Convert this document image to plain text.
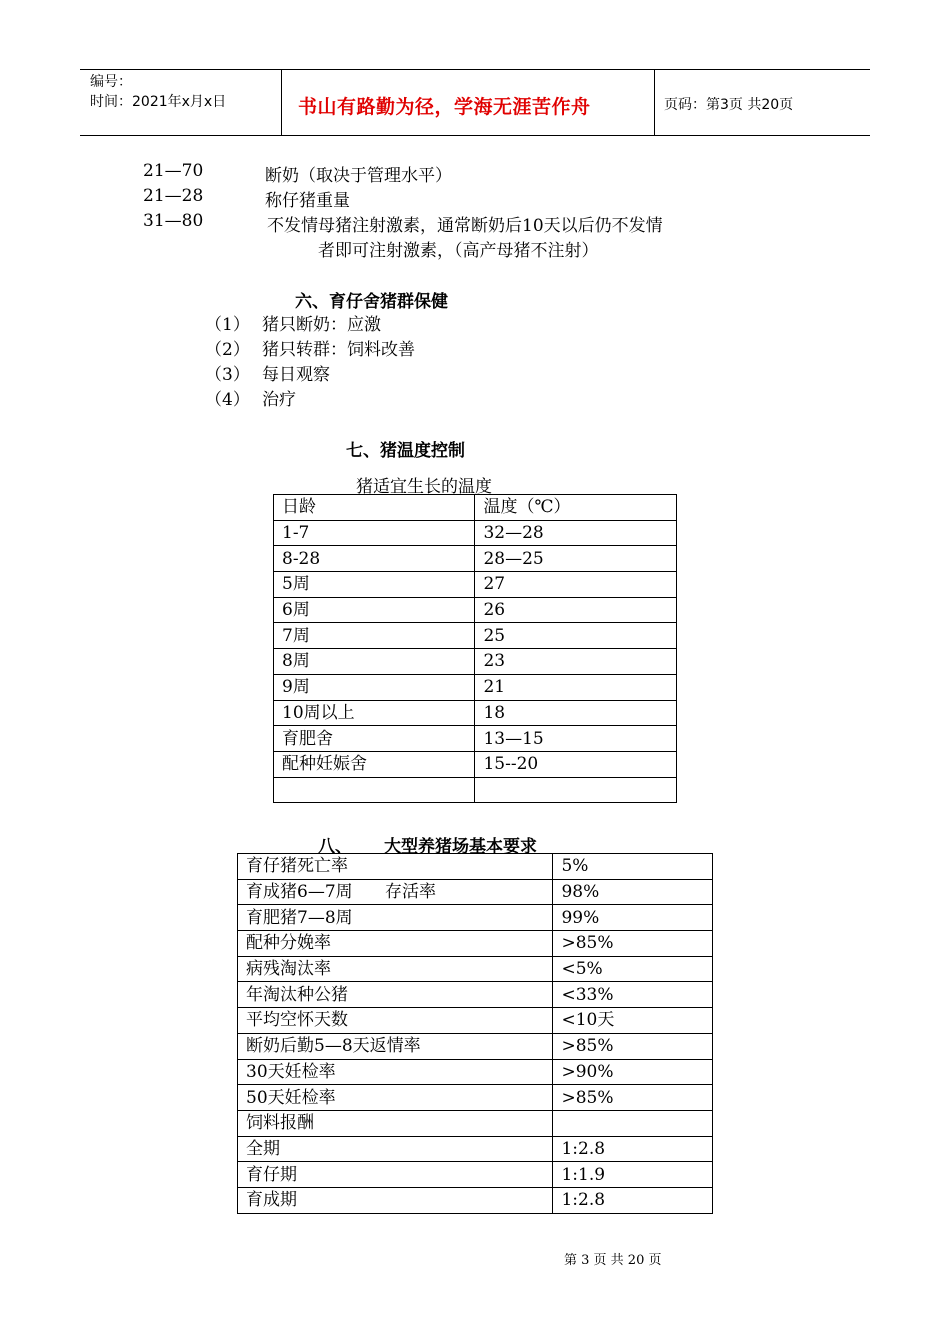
编号：
时间：2021年x月x日	书山有路勤为径，学海无涯苦作舟	页码：第3页 共20页
21—70	断奶（取决于管理水平）
21—28	称仔猪重量
31—80	不发情母猪注射激素，通常断奶后10天以后仍不发情
者即可注射激素，（高产母猪不注射）
六、育仔舍猪群保健
（1） 猪只断奶：应激
（2） 猪只转群：饲料改善
（3） 每日观察
（4） 治疗
七、猪温度控制
猪适宜生长的温度
日龄	温度（℃）
1-7	32—28
8-28	28—25
5周	27
6周	26
7周	25
8周	23
9周	21
10周以上	18
育肥舍	13—15
配种妊娠舍	15--20

八、 大型养猪场基本要求
育仔猪死亡率	5%
育成猪6—7周      存活率	98%
育肥猪7—8周	99%
配种分娩率	>85%
病残淘汰率	<5%
年淘汰种公猪	<33%
平均空怀天数	<10天
断奶后勤5—8天返情率	>85%
30天妊检率	>90%
50天妊检率	>85%
饲料报酬	
全期	1:2.8
育仔期	1:1.9
育成期	1:2.8
第 3 页 共 20 页
